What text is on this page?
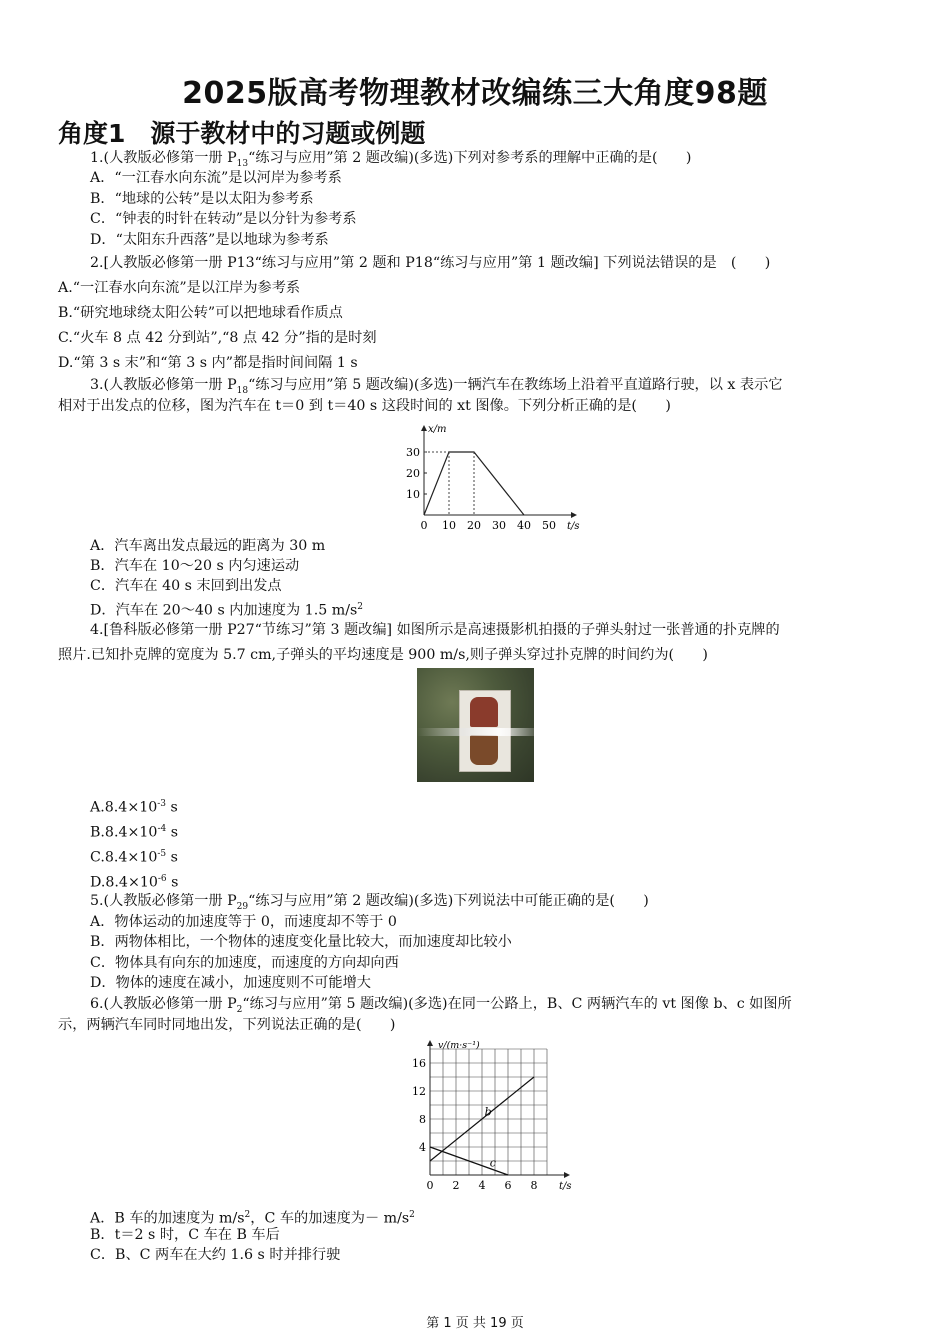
2025版高考物理教材改编练三大角度98题
角度1　源于教材中的习题或例题
1.(人教版必修第一册 $P_{13}“$练习与应用”第 2 题改编)(多选)下列对参考系的理解中正确的是(　　)
A．“一江春水向东流”是以河岸为参考系
B．“地球的公转”是以太阳为参考系
C．“钟表的时针在转动”是以分针为参考系
D．“太阳东升西落”是以地球为参考系
2.[人教版必修第一册 P13“练习与应用”第 2 题和 P18“练习与应用”第 1 题改编] 下列说法错误的是　(　　)
A.“一江春水向东流”是以江岸为参考系
B.“研究地球绕太阳公转”可以把地球看作质点
C.“火车 8 点 42 分到站”,“8 点 42 分”指的是时刻
D.“第 3 s 末”和“第 3 s 内”都是指时间间隔 1 s
3.(人教版必修第一册 $P_{18}“$练习与应用”第 5 题改编)(多选)一辆汽车在教练场上沿着平直道路行驶，以 x 表示它
相对于出发点的位移，图为汽车在 t＝0 到 t＝40 s 这段时间的 xt 图像。下列分析正确的是(　　)
0 10 20 30 40 50
10
20
30
x/m
t/s
A．汽车离出发点最远的距离为 30 m
B．汽车在 10～20 s 内匀速运动
C．汽车在 40 s 末回到出发点
D．汽车在 20～40 s 内加速度为 1.5 $m/s^2$
4.[鲁科版必修第一册 P27“节练习”第 3 题改编] 如图所示是高速摄影机拍摄的子弹头射过一张普通的扑克牌的
照片.已知扑克牌的宽度为 5.7 cm,子弹头的平均速度是 900 m/s,则子弹头穿过扑克牌的时间约为(　　)
$A.8.4\times 10^{-3}$ s
$B.8.4\times 10^{-4}$ s
$C.8.4\times 10^{-5}$ s
$D.8.4\times 10^{-6}$ s
5.(人教版必修第一册 $P_{29}“$练习与应用”第 2 题改编)(多选)下列说法中可能正确的是(　　)
A．物体运动的加速度等于 0，而速度却不等于 0
B．两物体相比，一个物体的速度变化量比较大，而加速度却比较小
C．物体具有向东的加速度，而速度的方向却向西
D．物体的速度在减小，加速度则不可能增大
6.(人教版必修第一册 $P_2“$练习与应用”第 5 题改编)(多选)在同一公路上，B、C 两辆汽车的 vt 图像 b、c 如图所
示，两辆汽车同时同地出发，下列说法正确的是(　　)
0 2 4 6 8
4
8
12
16
v/(m·s⁻¹)
t/s
b
c
A．B 车的加速度为 $m/s^2$，C 车的加速度为－ $m/s^2$
B．t＝2 s 时，C 车在 B 车后
C．B、C 两车在大约 1.6 s 时并排行驶
第 1 页 共 19 页
